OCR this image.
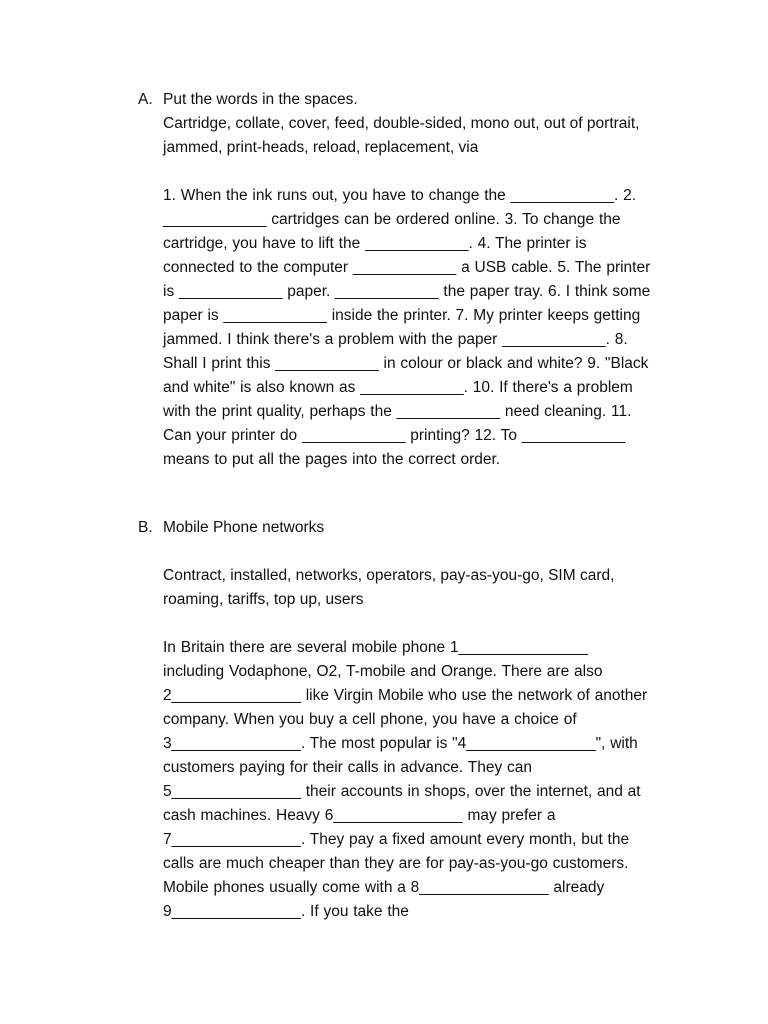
A. Put the words in the spaces.

Cartridge, collate, cover, feed, double-sided, mono out, out of portrait, jammed, print-heads, reload, replacement, via

1. When the ink runs out, you have to change the ____________. 2. ____________ cartridges can be ordered online. 3. To change the cartridge, you have to lift the ____________. 4. The printer is connected to the computer ____________ a USB cable. 5. The printer is ____________ paper. ____________ the paper tray. 6. I think some paper is ____________ inside the printer. 7. My printer keeps getting jammed. I think there's a problem with the paper ____________. 8. Shall I print this ____________ in colour or black and white? 9. "Black and white" is also known as ____________. 10. If there's a problem with the print quality, perhaps the ____________ need cleaning. 11. Can your printer do ____________ printing? 12. To ____________ means to put all the pages into the correct order.

B. Mobile Phone networks

Contract, installed, networks, operators, pay-as-you-go, SIM card, roaming, tariffs, top up, users

In Britain there are several mobile phone 1_______________ including Vodaphone, O2, T-mobile and Orange. There are also 2_______________ like Virgin Mobile who use the network of another company. When you buy a cell phone, you have a choice of 3_______________. The most popular is "4_______________", with customers paying for their calls in advance. They can 5_______________ their accounts in shops, over the internet, and at cash machines. Heavy 6_______________ may prefer a 7_______________. They pay a fixed amount every month, but the calls are much cheaper than they are for pay-as-you-go customers. Mobile phones usually come with a 8_______________ already 9_______________. If you take the
